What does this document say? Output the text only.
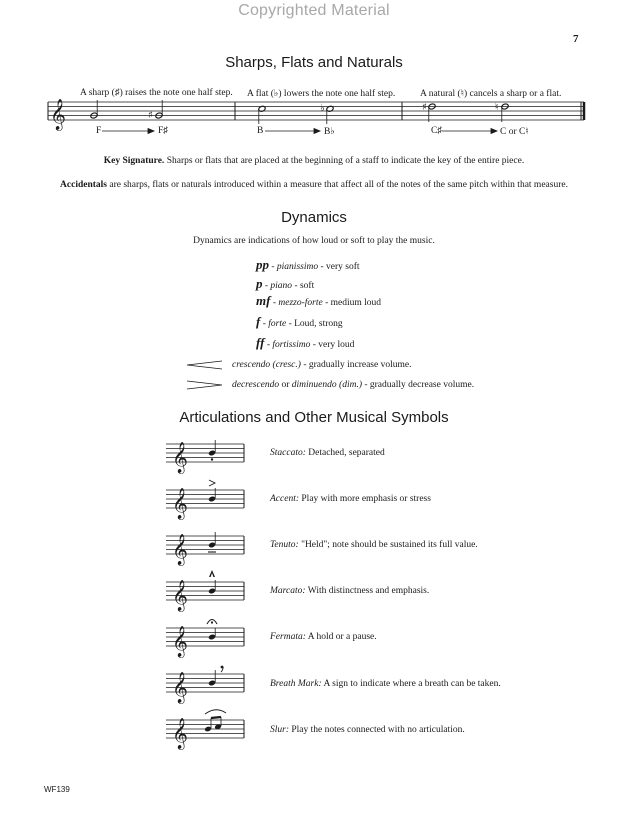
Copyrighted Material
7
Sharps, Flats and Naturals
A sharp (♯) raises the note one half step. A flat (♭) lowers the note one half step.	A natural (♮) cancels a sharp or a flat.
𝄞	♯
♭	♯	♮
F	F♯	B	B♭	C♯	C or C♮
Key Signature. Sharps or flats that are placed at the beginning of a staff to indicate the key of the entire piece.
Accidentals are sharps, flats or naturals introduced within a measure that affect all of the notes of the same pitch within that measure.
Dynamics
Dynamics are indications of how loud or soft to play the music.
pp - pianissimo - very soft
p - piano - soft
mf - mezzo-forte - medium loud
f - forte - Loud, strong
ff - fortissimo - very loud
crescendo (cresc.) - gradually increase volume.
decrescendo or diminuendo (dim.) - gradually decrease volume.
Articulations and Other Musical Symbols
𝄞	Staccato: Detached, separated
𝄞	Accent: Play with more emphasis or stress
𝄞	Tenuto: "Held"; note should be sustained its full value.
𝄞	Marcato: With distinctness and emphasis.
𝄞	Fermata: A hold or a pause.
𝄞	Breath Mark: A sign to indicate where a breath can be taken.
𝄞	Slur: Play the notes connected with no articulation.
WF139
